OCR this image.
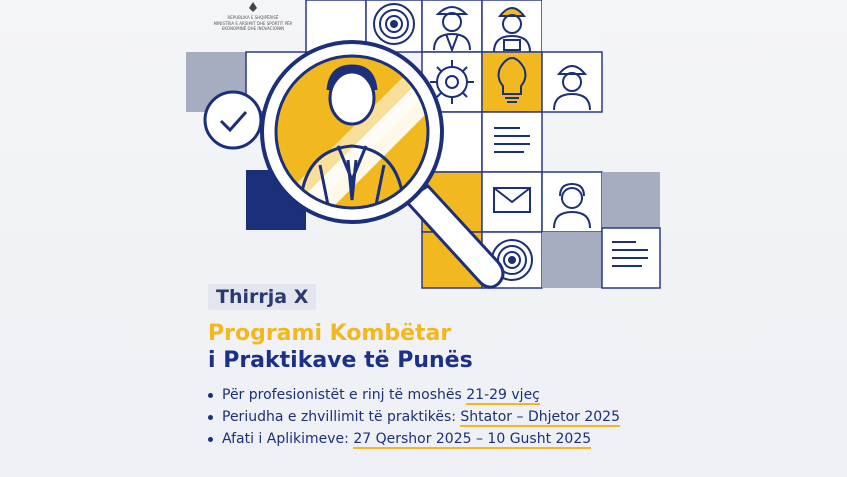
REPUBLIKA E SHQIPËRISË
MINISTRIA E ARSIMIT DHE SPORTIT PËR
EKONOMINË DHE INOVACIONIN
Thirrja X
Programi Kombëtar
i Praktikave të Punës
Për profesionistët e rinj të moshës 21-29 vjeç
Periudha e zhvillimit të praktikës: Shtator – Dhjetor 2025
Afati i Aplikimeve: 27 Qershor 2025 – 10 Gusht 2025
